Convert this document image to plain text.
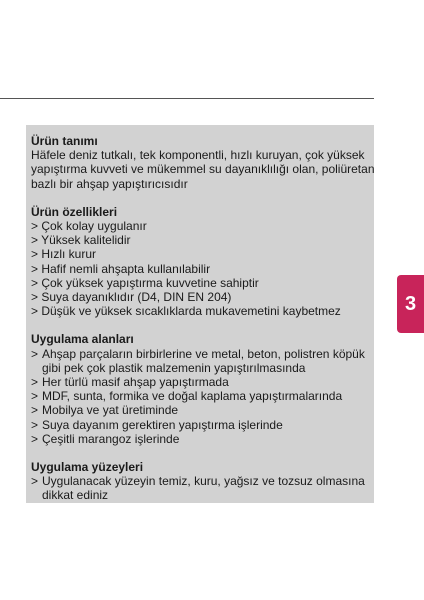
Ürün tanımı
Häfele deniz tutkalı, tek komponentli, hızlı kuruyan, çok yüksek
yapıştırma kuvveti ve mükemmel su dayanıklılığı olan, poliüretan
bazlı bir ahşap yapıştırıcısıdır
Ürün özellikleri
> Çok kolay uygulanır
> Yüksek kalitelidir
> Hızlı kurur
> Hafif nemli ahşapta kullanılabilir
> Çok yüksek yapıştırma kuvvetine sahiptir
> Suya dayanıklıdır (D4, DIN EN 204)
> Düşük ve yüksek sıcaklıklarda mukavemetini kaybetmez
Uygulama alanları
> Ahşap parçaların birbirlerine ve metal, beton, polistren köpük gibi pek çok plastik malzemenin yapıştırılmasında
> Her türlü masif ahşap yapıştırmada
> MDF, sunta, formika ve doğal kaplama yapıştırmalarında
> Mobilya ve yat üretiminde
> Suya dayanım gerektiren yapıştırma işlerinde
> Çeşitli marangoz işlerinde
Uygulama yüzeyleri
> Uygulanacak yüzeyin temiz, kuru, yağsız ve tozsuz olmasına dikkat ediniz
3
